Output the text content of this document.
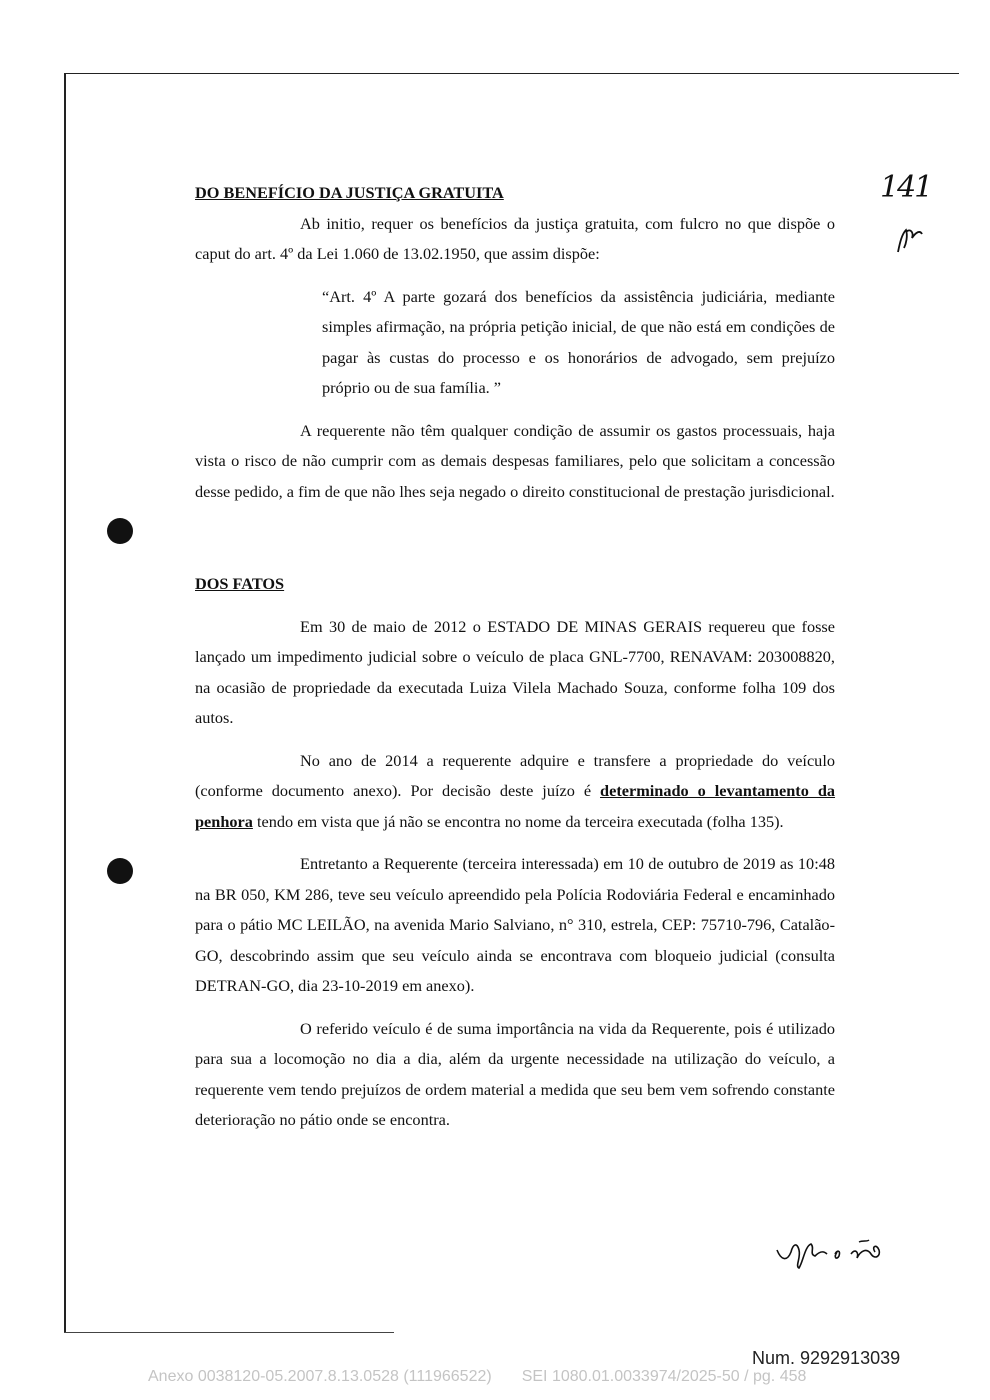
141
DO BENEFÍCIO DA JUSTIÇA GRATUITA

Ab initio, requer os benefícios da justiça gratuita, com fulcro no que dispõe o caput do art. 4º da Lei 1.060 de 13.02.1950, que assim dispõe:

“Art. 4º A parte gozará dos benefícios da assistência judiciária, mediante simples afirmação, na própria petição inicial, de que não está em condições de pagar às custas do processo e os honorários de advogado, sem prejuízo próprio ou de sua família. ”

A requerente não têm qualquer condição de assumir os gastos processuais, haja vista o risco de não cumprir com as demais despesas familiares, pelo que solicitam a concessão desse pedido, a fim de que não lhes seja negado o direito constitucional de prestação jurisdicional.

DOS FATOS

Em 30 de maio de 2012 o ESTADO DE MINAS GERAIS requereu que fosse lançado um impedimento judicial sobre o veículo de placa GNL-7700, RENAVAM: 203008820, na ocasião de propriedade da executada Luiza Vilela Machado Souza, conforme folha 109 dos autos.

No ano de 2014 a requerente adquire e transfere a propriedade do veículo (conforme documento anexo). Por decisão deste juízo é determinado o levantamento da penhora tendo em vista que já não se encontra no nome da terceira executada (folha 135).

Entretanto a Requerente (terceira interessada) em 10 de outubro de 2019 as 10:48 na BR 050, KM 286, teve seu veículo apreendido pela Polícia Rodoviária Federal e encaminhado para o pátio MC LEILÃO, na avenida Mario Salviano, n° 310, estrela, CEP: 75710-796, Catalão-GO, descobrindo assim que seu veículo ainda se encontrava com bloqueio judicial (consulta DETRAN-GO, dia 23-10-2019 em anexo).

O referido veículo é de suma importância na vida da Requerente, pois é utilizado para sua a locomoção no dia a dia, além da urgente necessidade na utilização do veículo, a requerente vem tendo prejuízos de ordem material a medida que seu bem vem sofrendo constante deterioração no pátio onde se encontra.

Num. 9292913039
Anexo 0038120-05.2007.8.13.0528 (111966522) SEI 1080.01.0033974/2025-50 / pg. 458
